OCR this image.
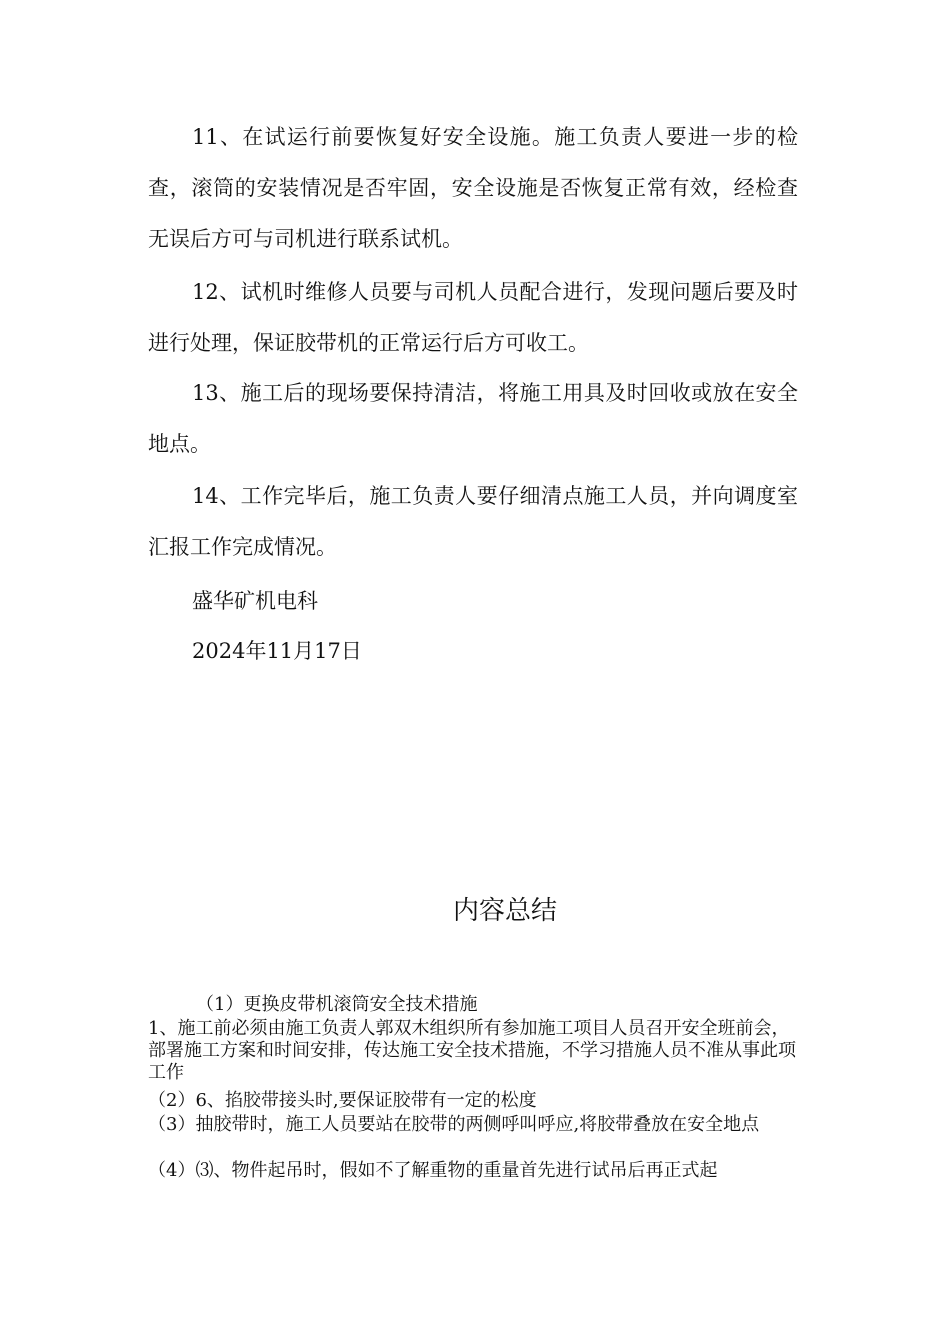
11、在试运行前要恢复好安全设施。施工负责人要进一步的检查，滚筒的安装情况是否牢固，安全设施是否恢复正常有效，经检查无误后方可与司机进行联系试机。

12、试机时维修人员要与司机人员配合进行，发现问题后要及时进行处理，保证胶带机的正常运行后方可收工。

13、施工后的现场要保持清洁，将施工用具及时回收或放在安全地点。

14、工作完毕后，施工负责人要仔细清点施工人员，并向调度室汇报工作完成情况。

盛华矿机电科

2024年11月17日

内容总结

（1）更换皮带机滚筒安全技术措施

1、施工前必须由施工负责人郭双木组织所有参加施工项目人员召开安全班前会，部署施工方案和时间安排，传达施工安全技术措施，不学习措施人员不准从事此项工作

（2）6、掐胶带接头时,要保证胶带有一定的松度

（3）抽胶带时，施工人员要站在胶带的两侧呼叫呼应,将胶带叠放在安全地点

（4）⑶、物件起吊时，假如不了解重物的重量首先进行试吊后再正式起
